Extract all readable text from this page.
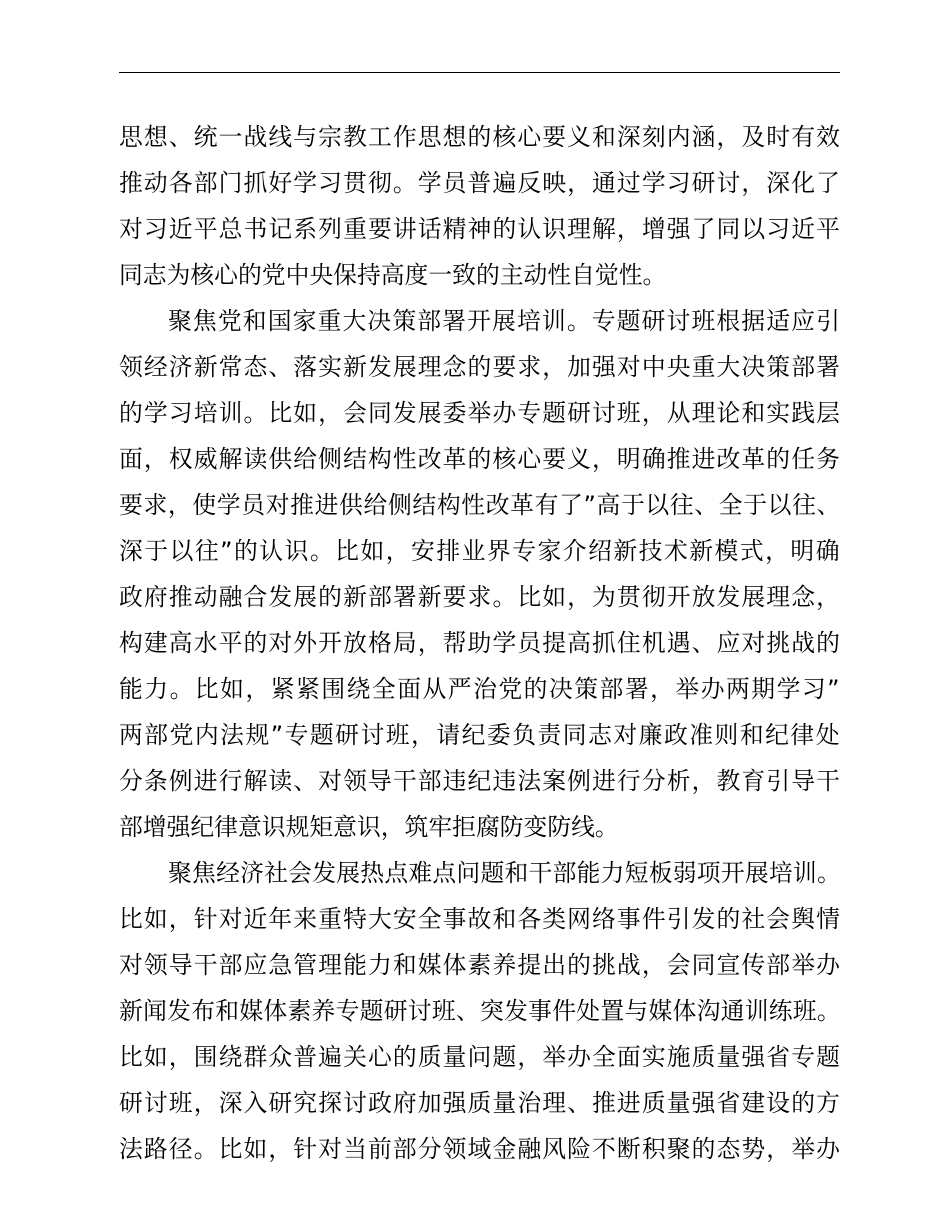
思想、统一战线与宗教工作思想的核心要义和深刻内涵，及时有效
推动各部门抓好学习贯彻。学员普遍反映，通过学习研讨，深化了
对习近平总书记系列重要讲话精神的认识理解，增强了同以习近平
同志为核心的党中央保持高度一致的主动性自觉性。
聚焦党和国家重大决策部署开展培训。专题研讨班根据适应引
领经济新常态、落实新发展理念的要求，加强对中央重大决策部署
的学习培训。比如，会同发展委举办专题研讨班，从理论和实践层
面，权威解读供给侧结构性改革的核心要义，明确推进改革的任务
要求，使学员对推进供给侧结构性改革有了”高于以往、全于以往、
深于以往”的认识。比如，安排业界专家介绍新技术新模式，明确
政府推动融合发展的新部署新要求。比如，为贯彻开放发展理念，
构建高水平的对外开放格局，帮助学员提高抓住机遇、应对挑战的
能力。比如，紧紧围绕全面从严治党的决策部署，举办两期学习”
两部党内法规”专题研讨班，请纪委负责同志对廉政准则和纪律处
分条例进行解读、对领导干部违纪违法案例进行分析，教育引导干
部增强纪律意识规矩意识，筑牢拒腐防变防线。
聚焦经济社会发展热点难点问题和干部能力短板弱项开展培训。
比如，针对近年来重特大安全事故和各类网络事件引发的社会舆情
对领导干部应急管理能力和媒体素养提出的挑战，会同宣传部举办
新闻发布和媒体素养专题研讨班、突发事件处置与媒体沟通训练班。
比如，围绕群众普遍关心的质量问题，举办全面实施质量强省专题
研讨班，深入研究探讨政府加强质量治理、推进质量强省建设的方
法路径。比如，针对当前部分领域金融风险不断积聚的态势，举办
